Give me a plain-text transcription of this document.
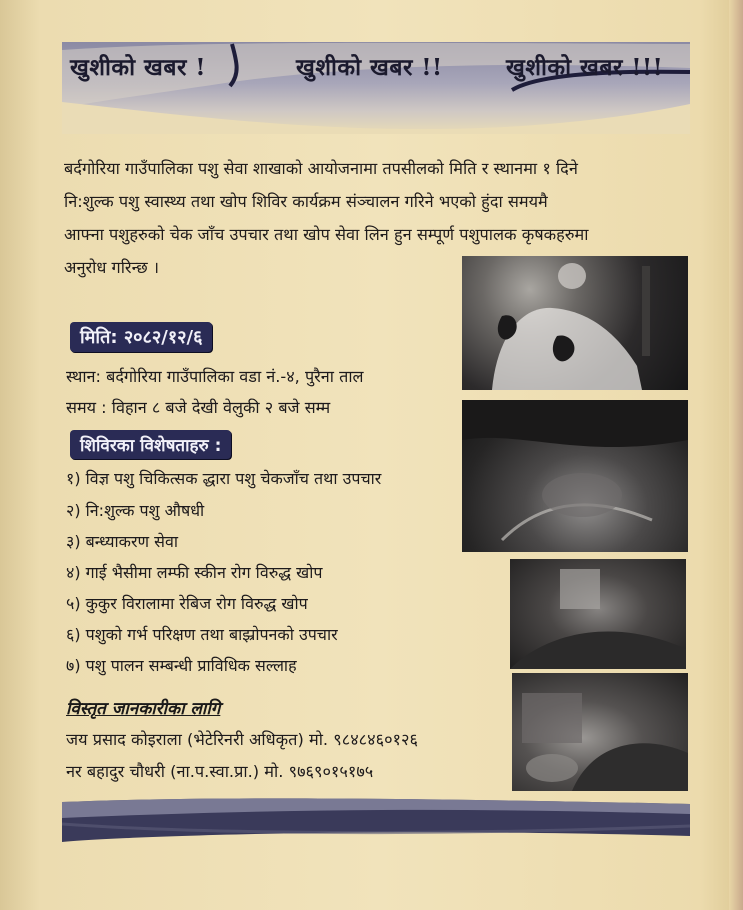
खुशीको खबर !	खुशीको खबर !!	खुशीको खबर !!!
बर्दगोरिया गाउँपालिका पशु सेवा शाखाको आयोजनामा तपसीलको मिति र स्थानमा १ दिने
नि:शुल्क पशु स्वास्थ्य तथा खोप शिविर कार्यक्रम संञ्चालन गरिने भएको हुंदा समयमै
आफ्ना पशुहरुको चेक जाँच उपचार तथा खोप सेवा लिन हुन सम्पूर्ण पशुपालक कृषकहरुमा
अनुरोध गरिन्छ ।
मिति: २०८२/१२/६
स्थान: बर्दगोरिया गाउँपालिका वडा नं.-४, पुरैना ताल
समय : विहान ८ बजे देखी वेलुकी २ बजे सम्म
शिविरका विशेषताहरु :
१) विज्ञ पशु चिकित्सक द्धारा पशु चेकजाँच तथा उपचार
२) नि:शुल्क पशु औषधी
३) बन्ध्याकरण सेवा
४) गाई भैसीमा लम्फी स्कीन रोग विरुद्ध खोप
५) कुकुर विरालामा रेबिज रोग विरुद्ध खोप
६) पशुको गर्भ परिक्षण तथा बाझ्रोपनको उपचार
७) पशु पालन सम्बन्धी प्राविधिक सल्लाह
विस्तृत जानकारीका लागि
जय प्रसाद कोइराला (भेटेरिनरी अधिकृत) मो. ९८४८४६०१२६
नर बहादुर चौधरी (ना.प.स्वा.प्रा.) मो. ९७६९०१५१७५
